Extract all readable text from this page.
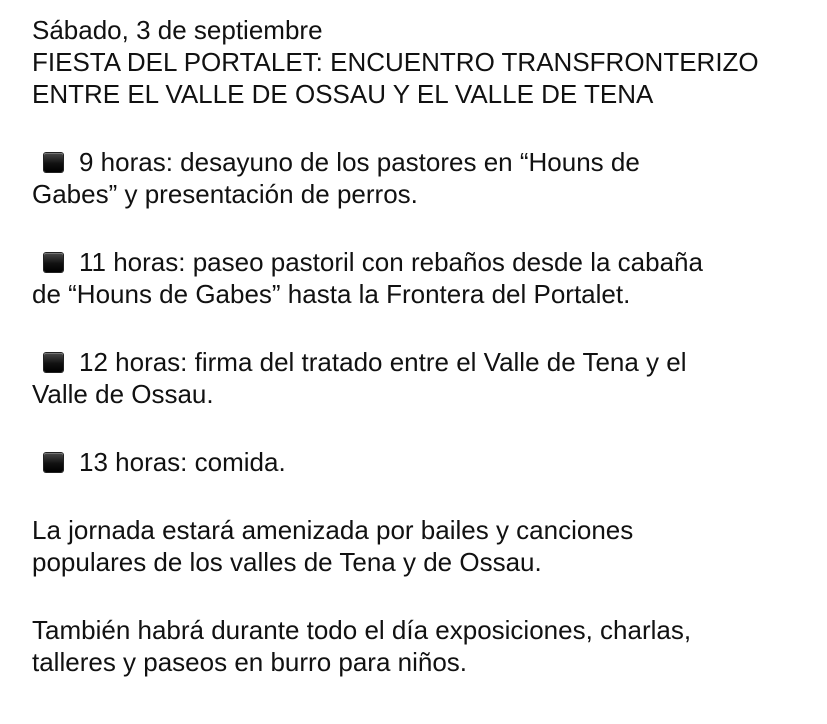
Sábado, 3 de septiembre
FIESTA DEL PORTALET: ENCUENTRO TRANSFRONTERIZO
ENTRE EL VALLE DE OSSAU Y EL VALLE DE TENA
9 horas: desayuno de los pastores en “Houns de
Gabes” y presentación de perros.
11 horas: paseo pastoril con rebaños desde la cabaña
de “Houns de Gabes” hasta la Frontera del Portalet.
12 horas: firma del tratado entre el Valle de Tena y el
Valle de Ossau.
13 horas: comida.
La jornada estará amenizada por bailes y canciones
populares de los valles de Tena y de Ossau.
También habrá durante todo el día exposiciones, charlas,
talleres y paseos en burro para niños.
